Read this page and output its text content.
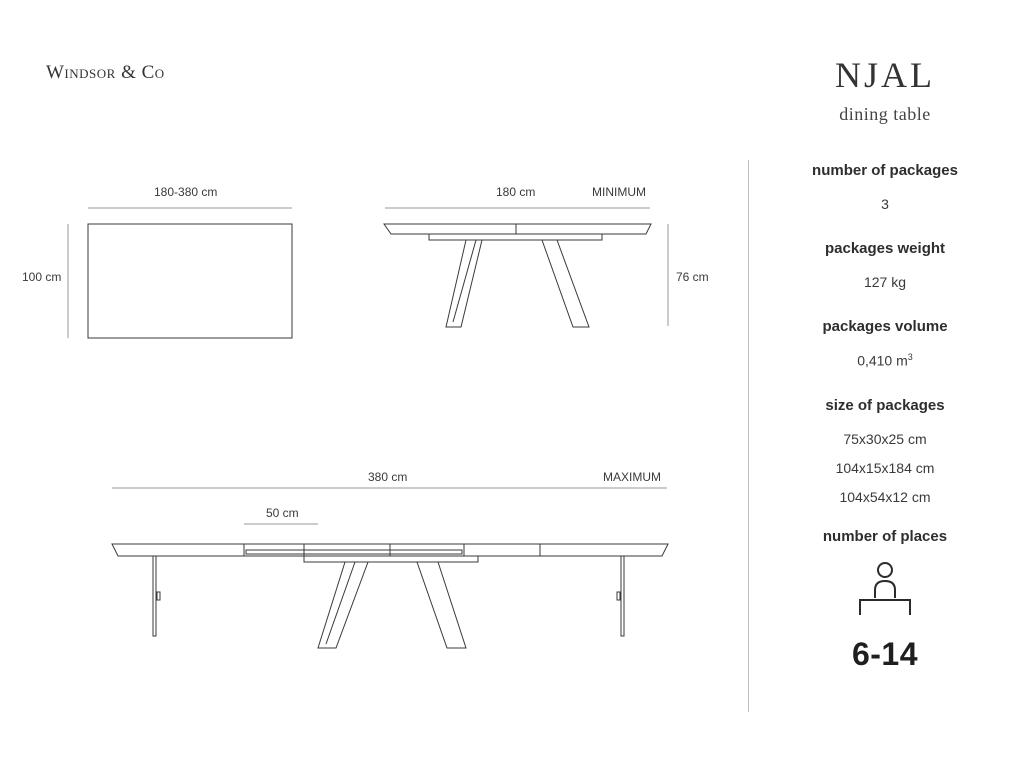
Windsor & Co	NJAL
dining table
180-380 cm
100 cm
180 cm	MINIMUM
76 cm
380 cm	MAXIMUM
50 cm
number of packages
3
packages weight
127 kg
packages volume
0,410 $m^3$
size of packages
75x30x25 cm
104x15x184 cm
104x54x12 cm
number of places
6-14
